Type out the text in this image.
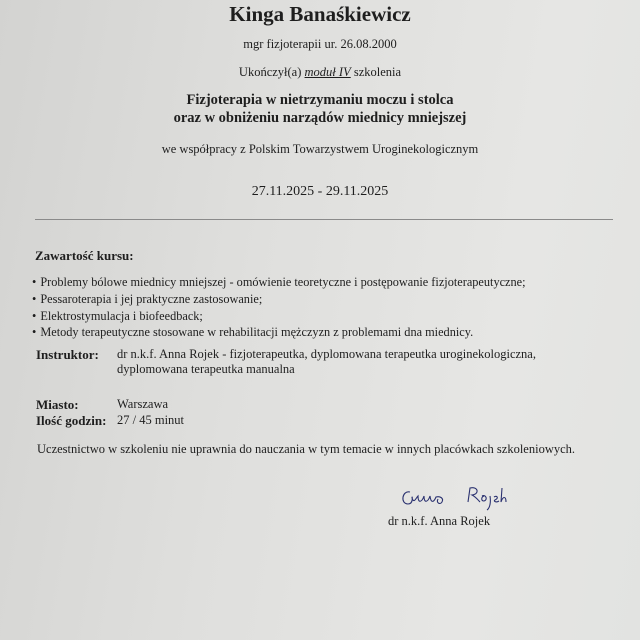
Kinga Banaśkiewicz
mgr fizjoterapii ur. 26.08.2000
Ukończył(a) moduł IV szkolenia
Fizjoterapia w nietrzymaniu moczu i stolca
oraz w obniżeniu narządów miednicy mniejszej
we współpracy z Polskim Towarzystwem Uroginekologicznym
27.11.2025 - 29.11.2025
Zawartość kursu:
• Problemy bólowe miednicy mniejszej - omówienie teoretyczne i postępowanie fizjoterapeutyczne;
• Pessaroterapia i jej praktyczne zastosowanie;
• Elektrostymulacja i biofeedback;
• Metody terapeutyczne stosowane w rehabilitacji mężczyzn z problemami dna miednicy.
Instruktor: dr n.k.f. Anna Rojek - fizjoterapeutka, dyplomowana terapeutka uroginekologiczna,
dyplomowana terapeutka manualna
Miasto:	Warszawa
Ilość godzin: 27 / 45 minut
Uczestnictwo w szkoleniu nie uprawnia do nauczania w tym temacie w innych placówkach szkoleniowych.
dr n.k.f. Anna Rojek
